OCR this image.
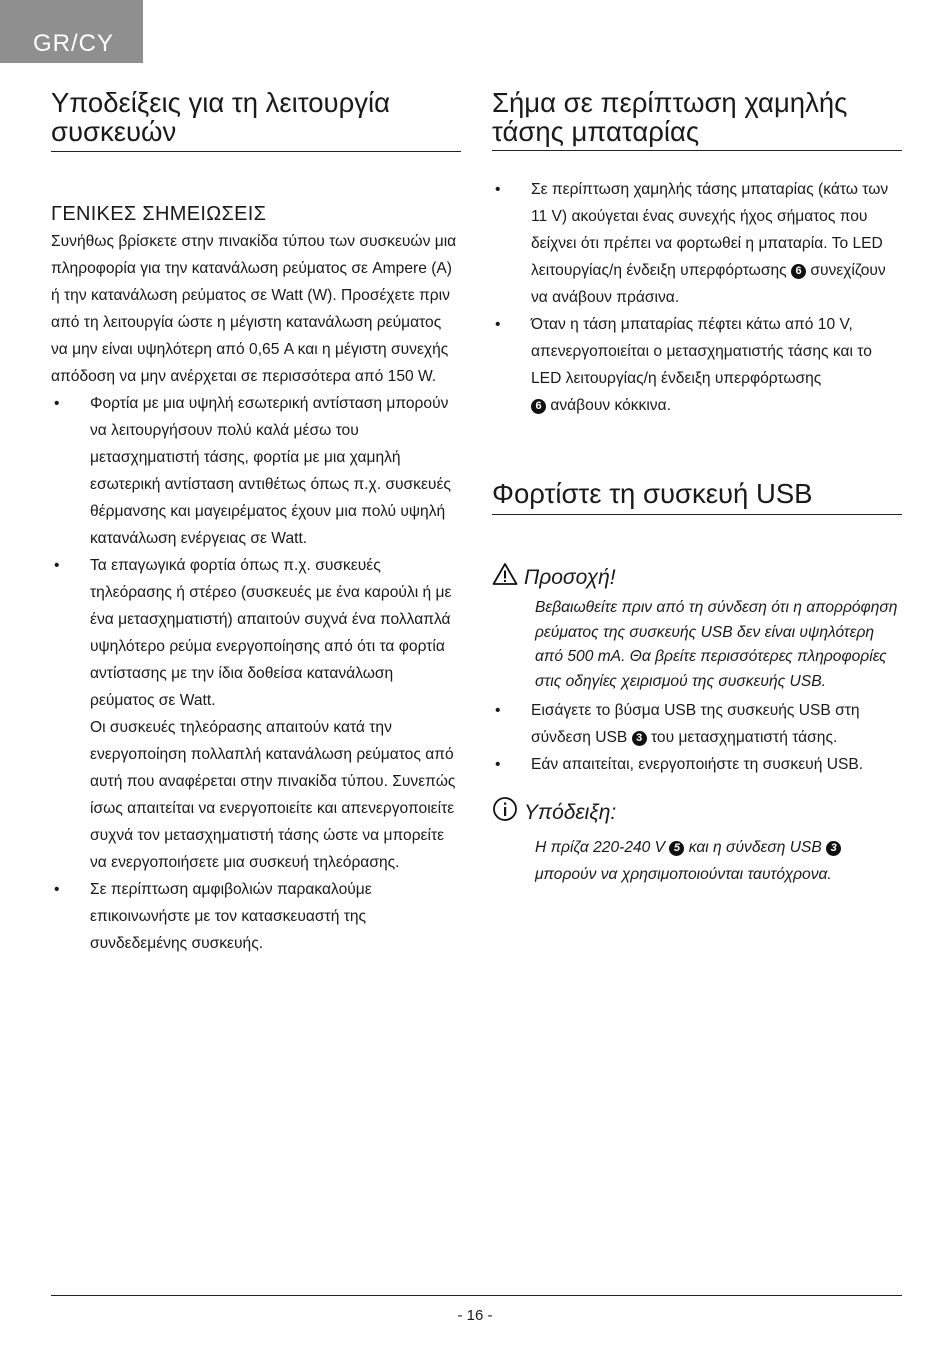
GR/CY
Υποδείξεις για τη λειτουργία συσκευών
ΓΕΝΙΚΕΣ ΣΗΜΕΙΩΣΕΙΣ

Συνήθως βρίσκετε στην πινακίδα τύπου των συσκευών μια πληροφορία για την κατανάλωση ρεύματος σε Ampere (A) ή την κατανάλωση ρεύματος σε Watt (W). Προσέχετε πριν από τη λειτουργία ώστε η μέγιστη κατανάλωση ρεύματος να μην είναι υψηλότερη από 0,65 A και η μέγιστη συνεχής απόδοση να μην ανέρχεται σε περισσότερα από 150 W.

• Φορτία με μια υψηλή εσωτερική αντίσταση μπορούν να λειτουργήσουν πολύ καλά μέσω του μετασχηματιστή τάσης, φορτία με μια χαμηλή εσωτερική αντίσταση αντιθέτως όπως π.χ. συσκευές θέρμανσης και μαγειρέματος έχουν μια πολύ υψηλή κατανάλωση ενέργειας σε Watt.
• Τα επαγωγικά φορτία όπως π.χ. συσκευές τηλεόρασης ή στέρεο (συσκευές με ένα καρούλι ή με ένα μετασχηματιστή) απαιτούν συχνά ένα πολλαπλά υψηλότερο ρεύμα ενεργοποίησης από ότι τα φορτία αντίστασης με την ίδια δοθείσα κατανάλωση ρεύματος σε Watt.
Οι συσκευές τηλεόρασης απαιτούν κατά την ενεργοποίηση πολλαπλή κατανάλωση ρεύματος από αυτή που αναφέρεται στην πινακίδα τύπου. Συνεπώς ίσως απαιτείται να ενεργοποιείτε και απενεργοποιείτε συχνά τον μετασχηματιστή τάσης ώστε να μπορείτε να ενεργοποιήσετε μια συσκευή τηλεόρασης.
• Σε περίπτωση αμφιβολιών παρακαλούμε επικοινωνήστε με τον κατασκευαστή της συνδεδεμένης συσκευής.
Σήμα σε περίπτωση χαμηλής τάσης μπαταρίας
• Σε περίπτωση χαμηλής τάσης μπαταρίας (κάτω των 11 V) ακούγεται ένας συνεχής ήχος σήματος που δείχνει ότι πρέπει να φορτωθεί η μπαταρία. Το LED λειτουργίας/η ένδειξη υπερφόρτωσης 6 συνεχίζουν να ανάβουν πράσινα.
• Όταν η τάση μπαταρίας πέφτει κάτω από 10 V, απενεργοποιείται ο μετασχηματιστής τάσης και το LED λειτουργίας/η ένδειξη υπερφόρτωσης
6 ανάβουν κόκκινα.
Φορτίστε τη συσκευή USB
Προσοχή!

Βεβαιωθείτε πριν από τη σύνδεση ότι η απορρόφηση ρεύματος της συσκευής USB δεν είναι υψηλότερη από 500 mA. Θα βρείτε περισσότερες πληροφορίες στις οδηγίες χειρισμού της συσκευής USB.

• Εισάγετε το βύσμα USB της συσκευής USB στη σύνδεση USB 3 του μετασχηματιστή τάσης.
• Εάν απαιτείται, ενεργοποιήστε τη συσκευή USB.
Υπόδειξη:

Η πρίζα 220-240 V 5 και η σύνδεση USB 3 μπορούν να χρησιμοποιούνται ταυτόχρονα.

- 16 -
